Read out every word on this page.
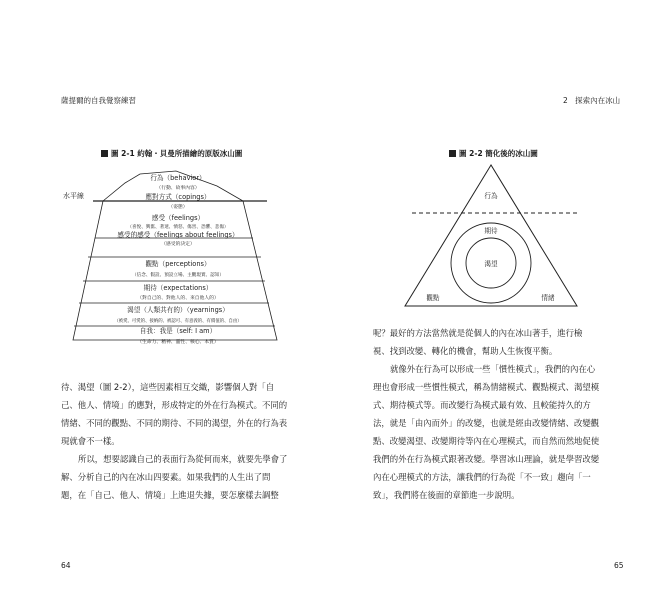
薩提爾的自我覺察練習	2 探索內在冰山
圖 2-1 約翰・貝曼所描繪的原版冰山圖
水平線
行為（behavior）
（行動、故事內容）
應對方式（copings）
（姿態）
感受（feelings）
（喜悅、興奮、著迷、憤怒、傷害、恐懼、悲傷）
感受的感受（feelings about feelings）
（感受的決定）
觀點（perceptions）
（信念、假設、預設立場、主觀現實、認知）
期待（expectations）
（對自己的、對他人的、來自他人的）
渴望（人類共有的）（yearnings）
（被愛、可愛的、接納的、被認可、有意義的、有價值的、自由）
自我：我是（self: I am）
（生命力、精神、靈性、核心、本質）
圖 2-2 簡化後的冰山圖
行為
期待
渴望
觀點	情緒
待、渴望（圖 2-2），這些因素相互交織，影響個人對「自
己、他人、情境」的應對，形成特定的外在行為模式。不同的
情緒、不同的觀點、不同的期待、不同的渴望，外在的行為表
現就會不一樣。
所以，想要認識自己的表面行為從何而來，就要先學會了
解、分析自己的內在冰山四要素。如果我們的人生出了問
題，在「自己、他人、情境」上進退失據，要怎麼樣去調整
呢？最好的方法當然就是從個人的內在冰山著手，進行檢
視、找到改變、轉化的機會，幫助人生恢復平衡。
就像外在行為可以形成一些「慣性模式」，我們的內在心
理也會形成一些慣性模式，稱為情緒模式、觀點模式、渴望模
式、期待模式等。而改變行為模式最有效、且較能持久的方
法，就是「由內而外」的改變，也就是經由改變情緒、改變觀
點、改變渴望、改變期待等內在心理模式，而自然而然地促使
我們的外在行為模式跟著改變。學習冰山理論，就是學習改變
內在心理模式的方法，讓我們的行為從「不一致」趨向「一
致」，我們將在後面的章節進一步說明。
64	65
